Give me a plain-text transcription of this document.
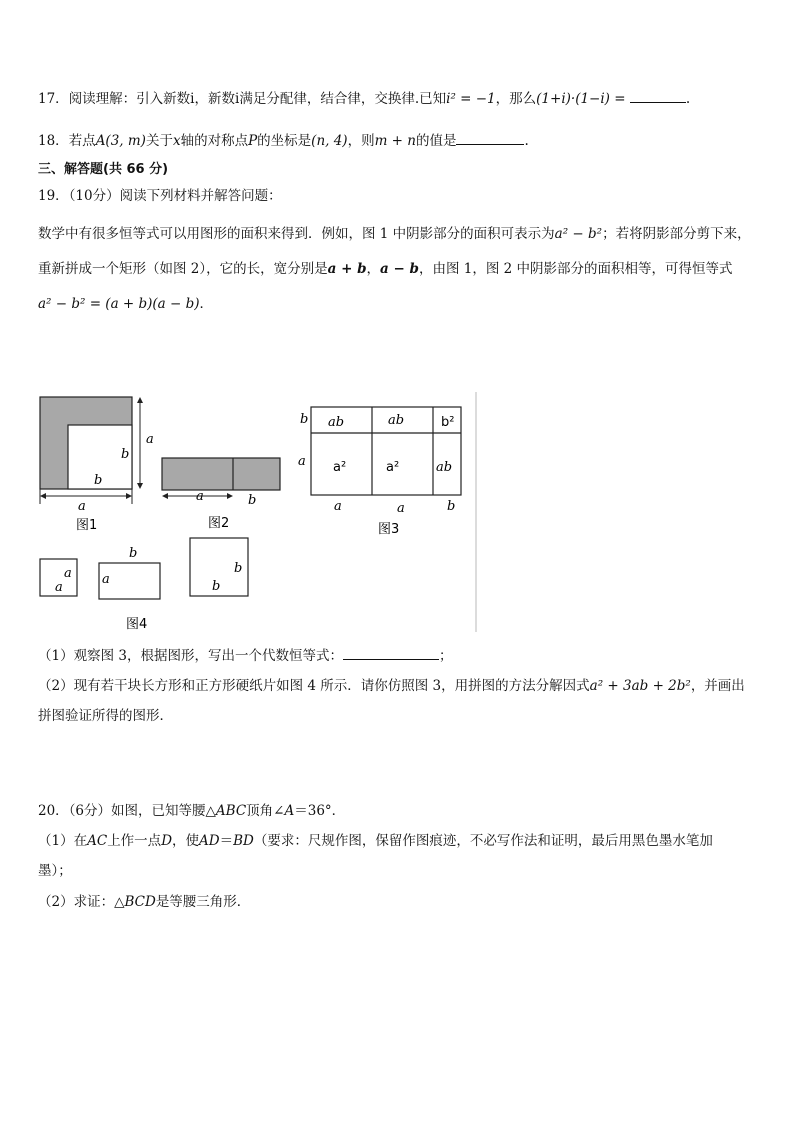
17．阅读理解：引入新数i，新数i满足分配律，结合律，交换律.已知i² = −1，那么(1+i)·(1−i) =	.
18．若点A(3, m)关于x轴的对称点P的坐标是(n, 4)，则m + n的值是	.
三、解答题(共 66 分)
19．（10分）阅读下列材料并解答问题：
数学中有很多恒等式可以用图形的面积来得到．例如，图 1 中阴影部分的面积可表示为a² − b²；若将阴影部分剪下来，
重新拼成一个矩形（如图 2），它的长，宽分别是a + b，a − b，由图 1，图 2 中阴影部分的面积相等，可得恒等式
a² − b² = (a + b)(a − b)．
a
b
b
a
图1
a	b
图2
ab	ab	b²
a²	a²	ab
b
a
a	a	b
图3
a
a
b
a
b
b
图4
（1）观察图 3，根据图形，写出一个代数恒等式：	；
（2）现有若干块长方形和正方形硬纸片如图 4 所示．请你仿照图 3，用拼图的方法分解因式a² + 3ab + 2b²，并画出
拼图验证所得的图形．
20．（6分）如图，已知等腰△ABC顶角∠A＝36°．
（1）在AC上作一点D，使AD＝BD（要求：尺规作图，保留作图痕迹，不必写作法和证明，最后用黑色墨水笔加
墨）；
（2）求证：△BCD是等腰三角形．
